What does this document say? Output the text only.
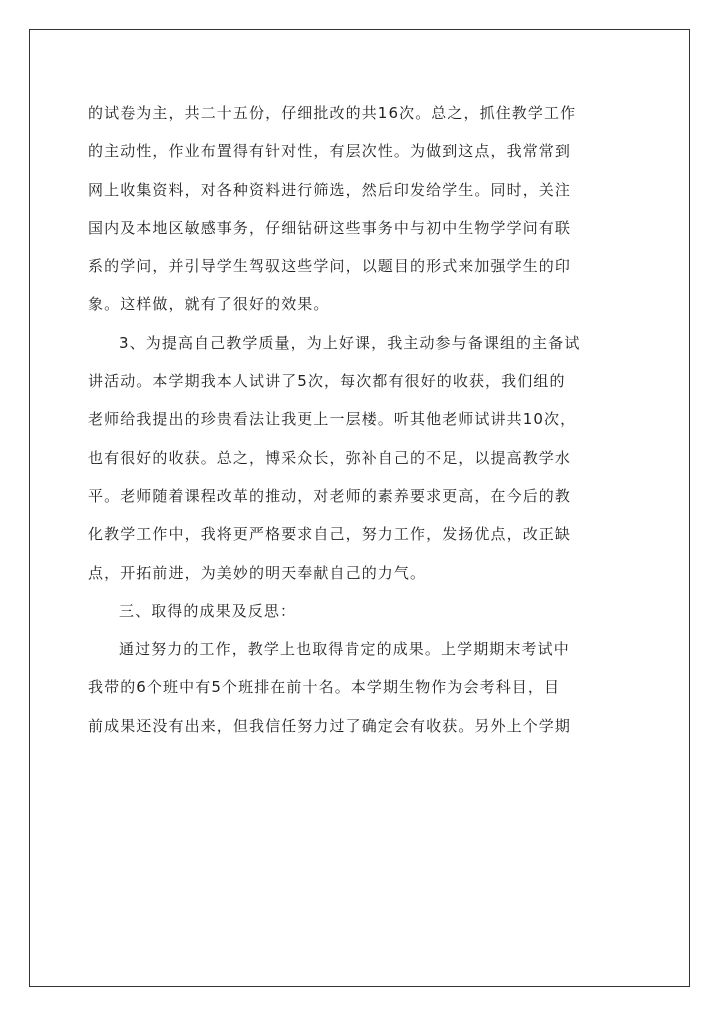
的试卷为主，共二十五份，仔细批改的共16次。总之，抓住教学工作
的主动性，作业布置得有针对性，有层次性。为做到这点，我常常到
网上收集资料，对各种资料进行筛选，然后印发给学生。同时，关注
国内及本地区敏感事务，仔细钻研这些事务中与初中生物学学问有联
系的学问，并引导学生驾驭这些学问，以题目的形式来加强学生的印
象。这样做，就有了很好的效果。
3、为提高自己教学质量，为上好课，我主动参与备课组的主备试
讲活动。本学期我本人试讲了5次，每次都有很好的收获，我们组的
老师给我提出的珍贵看法让我更上一层楼。听其他老师试讲共10次，
也有很好的收获。总之，博采众长，弥补自己的不足，以提高教学水
平。老师随着课程改革的推动，对老师的素养要求更高，在今后的教
化教学工作中，我将更严格要求自己，努力工作，发扬优点，改正缺
点，开拓前进，为美妙的明天奉献自己的力气。
三、取得的成果及反思：
通过努力的工作，教学上也取得肯定的成果。上学期期末考试中
我带的6个班中有5个班排在前十名。本学期生物作为会考科目，目
前成果还没有出来，但我信任努力过了确定会有收获。另外上个学期
